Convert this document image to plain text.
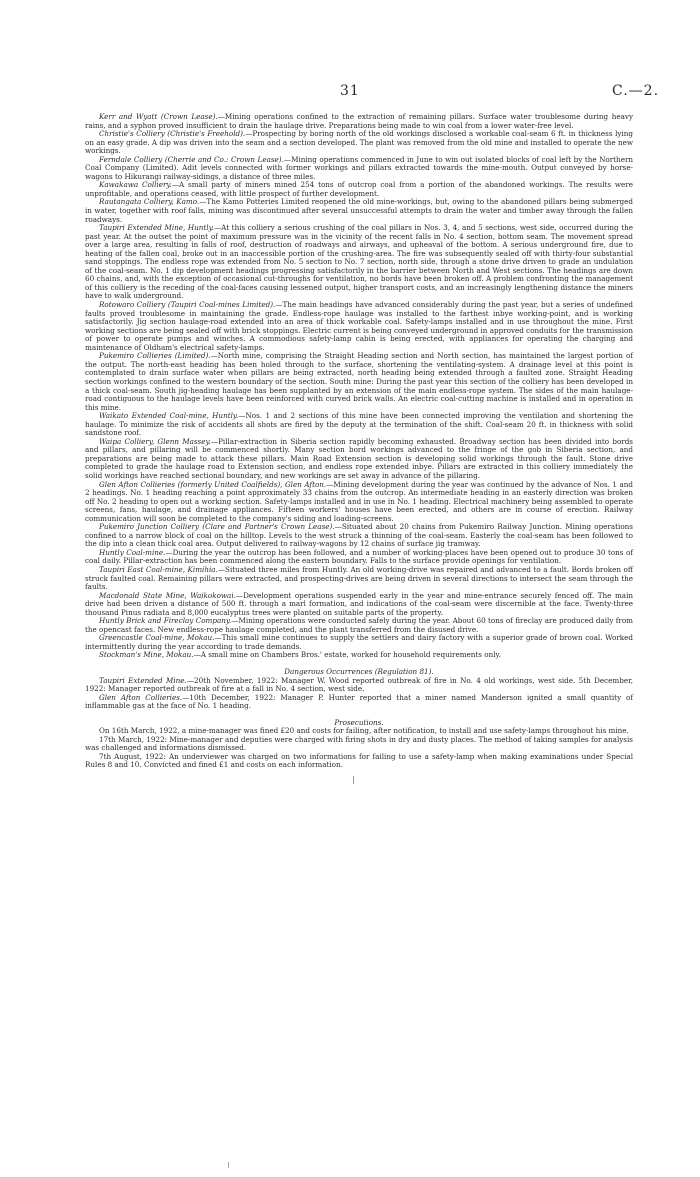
31	C.—2.

Kerr and Wyatt (Crown Lease).—Mining operations confined to the extraction of remaining pillars. Surface water troublesome during heavy rains, and a syphon proved insufficient to drain the haulage drive. Preparations being made to win coal from a lower water-free level.

Christie's Colliery (Christie's Freehold).—Prospecting by boring north of the old workings disclosed a workable coal-seam 6 ft. in thickness lying on an easy grade. A dip was driven into the seam and a section developed. The plant was removed from the old mine and installed to operate the new workings.

Ferndale Colliery (Cherrie and Co.: Crown Lease).—Mining operations commenced in June to win out isolated blocks of coal left by the Northern Coal Company (Limited). Adit levels connected with former workings and pillars extracted towards the mine-mouth. Output conveyed by horse-wagons to Hikurangi railway-sidings, a distance of three miles.

Kawakawa Colliery.—A small party of miners mined 254 tons of outcrop coal from a portion of the abandoned workings. The results were unprofitable, and operations ceased, with little prospect of further development.

Rautangata Colliery, Kamo.—The Kamo Potteries Limited reopened the old mine-workings, but, owing to the abandoned pillars being submerged in water, together with roof falls, mining was discontinued after several unsuccessful attempts to drain the water and timber away through the fallen roadways.

Taupiri Extended Mine, Huntly.—At this colliery a serious crushing of the coal pillars in Nos. 3, 4, and 5 sections, west side, occurred during the past year. At the outset the point of maximum pressure was in the vicinity of the recent falls in No. 4 section, bottom seam. The movement spread over a large area, resulting in falls of roof, destruction of roadways and airways, and upheaval of the bottom. A serious underground fire, due to heating of the fallen coal, broke out in an inaccessible portion of the crushing-area. The fire was subsequently sealed off with thirty-four substantial sand stoppings. The endless rope was extended from No. 5 section to No. 7 section, north side, through a stone drive driven to grade an undulation of the coal-seam. No. 1 dip development headings progressing satisfactorily in the barrier between North and West sections. The headings are down 60 chains, and, with the exception of occasional cut-throughs for ventilation, no bords have been broken off. A problem confronting the management of this colliery is the receding of the coal-faces causing lessened output, higher transport costs, and an increasingly lengthening distance the miners have to walk underground.

Rotowaro Colliery (Taupiri Coal-mines Limited).—The main headings have advanced considerably during the past year, but a series of undefined faults proved troublesome in maintaining the grade. Endless-rope haulage was installed to the farthest inbye working-point, and is working satisfactorily. Jig section haulage-road extended into an area of thick workable coal. Safety-lamps installed and in use throughout the mine. First working sections are being sealed off with brick stoppings. Electric current is being conveyed underground in approved conduits for the transmission of power to operate pumps and winches. A commodious safety-lamp cabin is being erected, with appliances for operating the charging and maintenance of Oldham's electrical safety-lamps.

Pukemiro Collieries (Limited).—North mine, comprising the Straight Heading section and North section, has maintained the largest portion of the output. The north-east heading has been holed through to the surface, shortening the ventilating-system. A drainage level at this point is contemplated to drain surface water when pillars are being extracted, north heading being extended through a faulted zone. Straight Heading section workings confined to the western boundary of the section. South mine: During the past year this section of the colliery has been developed in a thick coal-seam. South jig-heading haulage has been supplanted by an extension of the main endless-rope system. The sides of the main haulage-road contiguous to the haulage levels have been reinforced with curved brick walls. An electric coal-cutting machine is installed and in operation in this mine.

Waikato Extended Coal-mine, Huntly.—Nos. 1 and 2 sections of this mine have been connected improving the ventilation and shortening the haulage. To minimize the risk of accidents all shots are fired by the deputy at the termination of the shift. Coal-seam 20 ft. in thickness with solid sandstone roof.

Waipa Colliery, Glenn Massey.—Pillar-extraction in Siberia section rapidly becoming exhausted. Broadway section has been divided into bords and pillars, and pillaring will be commenced shortly. Many section bord workings advanced to the fringe of the gob in Siberia section, and preparations are being made to attack these pillars. Main Road Extension section is developing solid workings through the fault. Stone drive completed to grade the haulage road to Extension section, and endless rope extended inbye. Pillars are extracted in this colliery immediately the solid workings have reached sectional boundary, and new workings are set away in advance of the pillaring.

Glen Afton Collieries (formerly United Coalfields), Glen Afton.—Mining development during the year was continued by the advance of Nos. 1 and 2 headings. No. 1 heading reaching a point approximately 33 chains from the outcrop. An intermediate heading in an easterly direction was broken off No. 2 heading to open out a working section. Safety-lamps installed and in use in No. 1 heading. Electrical machinery being assembled to operate screens, fans, haulage, and drainage appliances. Fifteen workers' houses have been erected, and others are in course of erection. Railway communication will soon be completed to the company's siding and loading-screens.

Pukemiro Junction Colliery (Clare and Partner's Crown Lease).—Situated about 20 chains from Pukemiro Railway Junction. Mining operations confined to a narrow block of coal on the hilltop. Levels to the west struck a thinning of the coal-seam. Easterly the coal-seam has been followed to the dip into a clean thick coal area. Output delivered to railway-wagons by 12 chains of surface jig tramway.

Huntly Coal-mine.—During the year the outcrop has been followed, and a number of working-places have been opened out to produce 30 tons of coal daily. Pillar-extraction has been commenced along the eastern boundary. Falls to the surface provide openings for ventilation.

Taupiri East Coal-mine, Kimihia.—Situated three miles from Huntly. An old working-drive was repaired and advanced to a fault. Bords broken off struck faulted coal. Remaining pillars were extracted, and prospecting-drives are being driven in several directions to intersect the seam through the faults.

Macdonald State Mine, Waikokowai.—Development operations suspended early in the year and mine-entrance securely fenced off. The main drive had been driven a distance of 500 ft. through a marl formation, and indications of the coal-seam were discernible at the face. Twenty-three thousand Pinus radiata and 8,000 eucalyptus trees were planted on suitable parts of the property.

Huntly Brick and Fireclay Company.—Mining operations were conducted safely during the year. About 60 tons of fireclay are produced daily from the opencast faces. New endless-rope haulage completed, and the plant transferred from the disused drive.

Greencastle Coal-mine, Mokau.—This small mine continues to supply the settlers and dairy factory with a superior grade of brown coal. Worked intermittently during the year according to trade demands.

Stockman's Mine, Mokau.—A small mine on Chambers Bros.' estate, worked for household requirements only.

Dangerous Occurrences (Regulation 81).

Taupiri Extended Mine.—20th November, 1922: Manager W. Wood reported outbreak of fire in No. 4 old workings, west side. 5th December, 1922: Manager reported outbreak of fire at a fall in No. 4 section, west side.

Glen Afton Collieries.—10th December, 1922: Manager P. Hunter reported that a miner named Manderson ignited a small quantity of inflammable gas at the face of No. 1 heading.

Prosecutions.

On 16th March, 1922, a mine-manager was fined £20 and costs for failing, after notification, to install and use safety-lamps throughout his mine.

17th March, 1922: Mine-manager and deputies were charged with firing shots in dry and dusty places. The method of taking samples for analysis was challenged and informations dismissed.

7th August, 1922: An underviewer was charged on two informations for failing to use a safety-lamp when making examinations under Special Rules 8 and 10. Convicted and fined £1 and costs on each information.
